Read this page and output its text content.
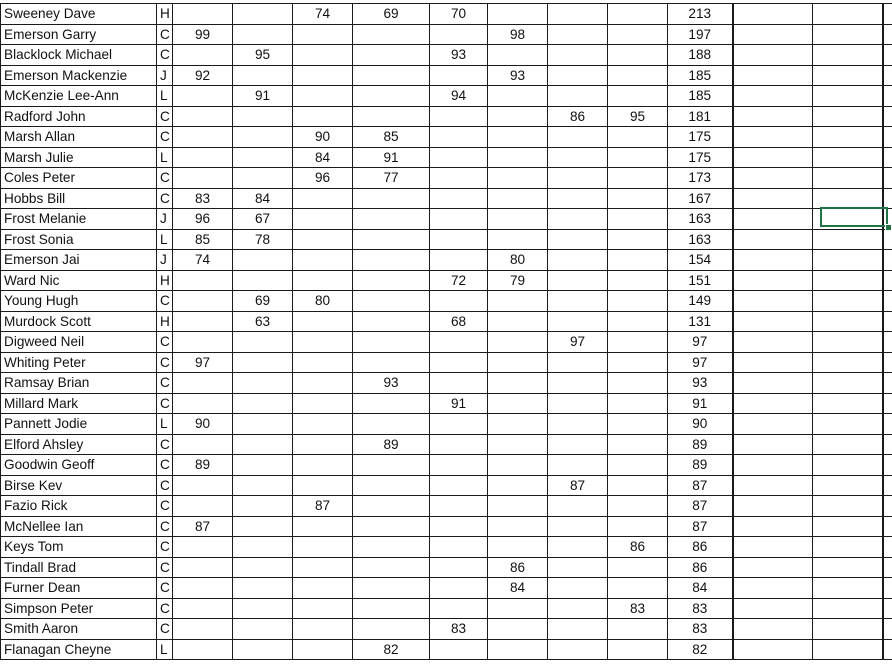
Sweeney Dave	H			74	69	70				213			
Emerson Garry	C	99					98			197			
Blacklock Michael	C		95			93				188			
Emerson Mackenzie	J	92					93			185			
McKenzie Lee-Ann	L		91			94				185			
Radford John	C							86	95	181			
Marsh Allan	C			90	85					175			
Marsh Julie	L			84	91					175			
Coles Peter	C			96	77					173			
Hobbs Bill	C	83	84							167			
Frost Melanie	J	96	67							163			
Frost Sonia	L	85	78							163			
Emerson Jai	J	74					80			154			
Ward Nic	H					72	79			151			
Young Hugh	C		69	80						149			
Murdock Scott	H		63			68				131			
Digweed Neil	C							97		97			
Whiting Peter	C	97								97			
Ramsay Brian	C				93					93			
Millard Mark	C					91				91			
Pannett Jodie	L	90								90			
Elford Ahsley	C				89					89			
Goodwin Geoff	C	89								89			
Birse Kev	C							87		87			
Fazio Rick	C			87						87			
McNellee Ian	C	87								87			
Keys Tom	C								86	86			
Tindall Brad	C						86			86			
Furner Dean	C						84			84			
Simpson Peter	C								83	83			
Smith Aaron	C					83				83			
Flanagan Cheyne	L				82					82			
